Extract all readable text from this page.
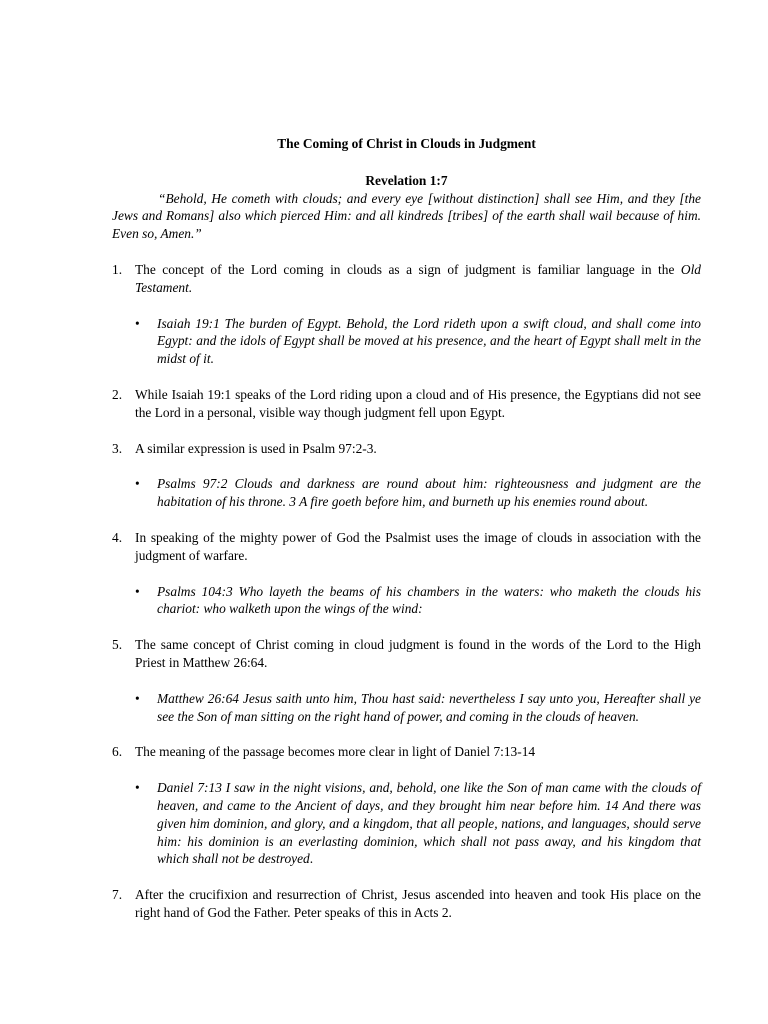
The Coming of Christ in Clouds in Judgment

Revelation 1:7

“Behold, He cometh with clouds; and every eye [without distinction] shall see Him, and they [the Jews and Romans] also which pierced Him: and all kindreds [tribes] of the earth shall wail because of him. Even so, Amen.”

1. The concept of the Lord coming in clouds as a sign of judgment is familiar language in the Old Testament.
• Isaiah 19:1 The burden of Egypt. Behold, the Lord rideth upon a swift cloud, and shall come into Egypt: and the idols of Egypt shall be moved at his presence, and the heart of Egypt shall melt in the midst of it.
2. While Isaiah 19:1 speaks of the Lord riding upon a cloud and of His presence, the Egyptians did not see the Lord in a personal, visible way though judgment fell upon Egypt.
3. A similar expression is used in Psalm 97:2-3.
• Psalms 97:2 Clouds and darkness are round about him: righteousness and judgment are the habitation of his throne. 3 A fire goeth before him, and burneth up his enemies round about.
4. In speaking of the mighty power of God the Psalmist uses the image of clouds in association with the judgment of warfare.
• Psalms 104:3 Who layeth the beams of his chambers in the waters: who maketh the clouds his chariot: who walketh upon the wings of the wind:
5. The same concept of Christ coming in cloud judgment is found in the words of the Lord to the High Priest in Matthew 26:64.
• Matthew 26:64 Jesus saith unto him, Thou hast said: nevertheless I say unto you, Hereafter shall ye see the Son of man sitting on the right hand of power, and coming in the clouds of heaven.
6. The meaning of the passage becomes more clear in light of Daniel 7:13-14
• Daniel 7:13 I saw in the night visions, and, behold, one like the Son of man came with the clouds of heaven, and came to the Ancient of days, and they brought him near before him. 14 And there was given him dominion, and glory, and a kingdom, that all people, nations, and languages, should serve him: his dominion is an everlasting dominion, which shall not pass away, and his kingdom that which shall not be destroyed.
7. After the crucifixion and resurrection of Christ, Jesus ascended into heaven and took His place on the right hand of God the Father. Peter speaks of this in Acts 2.
